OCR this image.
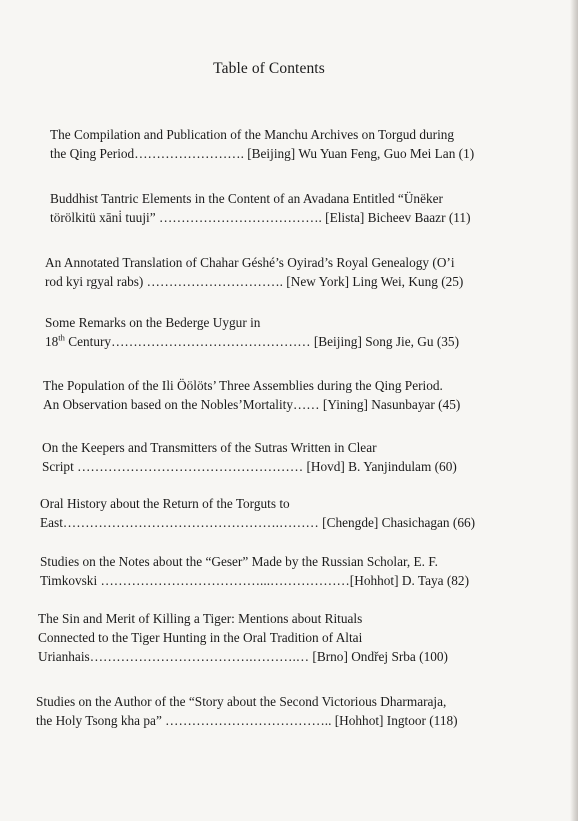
Table of Contents
The Compilation and Publication of the Manchu Archives on Torgud during
the Qing Period……………………. [Beijing] Wu Yuan Feng, Guo Mei Lan (1)
Buddhist Tantric Elements in the Content of an Avadana Entitled “Ünëker
törölkitü xāni̇ tuuji” ………………………………. [Elista] Bicheev Baazr (11)
An Annotated Translation of Chahar Géshé’s Oyirad’s Royal Genealogy (O’i
rod kyi rgyal rabs) …………………………. [New York] Ling Wei, Kung (25)
Some Remarks on the Bederge Uygur in
18th Century……………………………………… [Beijing] Song Jie, Gu (35)
The Population of the Ili Öölöts’ Three Assemblies during the Qing Period.
An Observation based on the Nobles’Mortality…… [Yining] Nasunbayar (45)
On the Keepers and Transmitters of the Sutras Written in Clear
Script …………………………………………… [Hovd] B. Yanjindulam (60)
Oral History about the Return of the Torguts to
East………………………………………….……… [Chengde] Chasichagan (66)
Studies on the Notes about the “Geser” Made by the Russian Scholar, E. F.
Timkovski ………………………………...………………[Hohhot] D. Taya (82)
The Sin and Merit of Killing a Tiger: Mentions about Rituals
Connected to the Tiger Hunting in the Oral Tradition of Altai
Urianhais……………………………….……….… [Brno] Ondřej Srba (100)
Studies on the Author of the “Story about the Second Victorious Dharmaraja,
the Holy Tsong kha pa” ……………………………….. [Hohhot] Ingtoor (118)
